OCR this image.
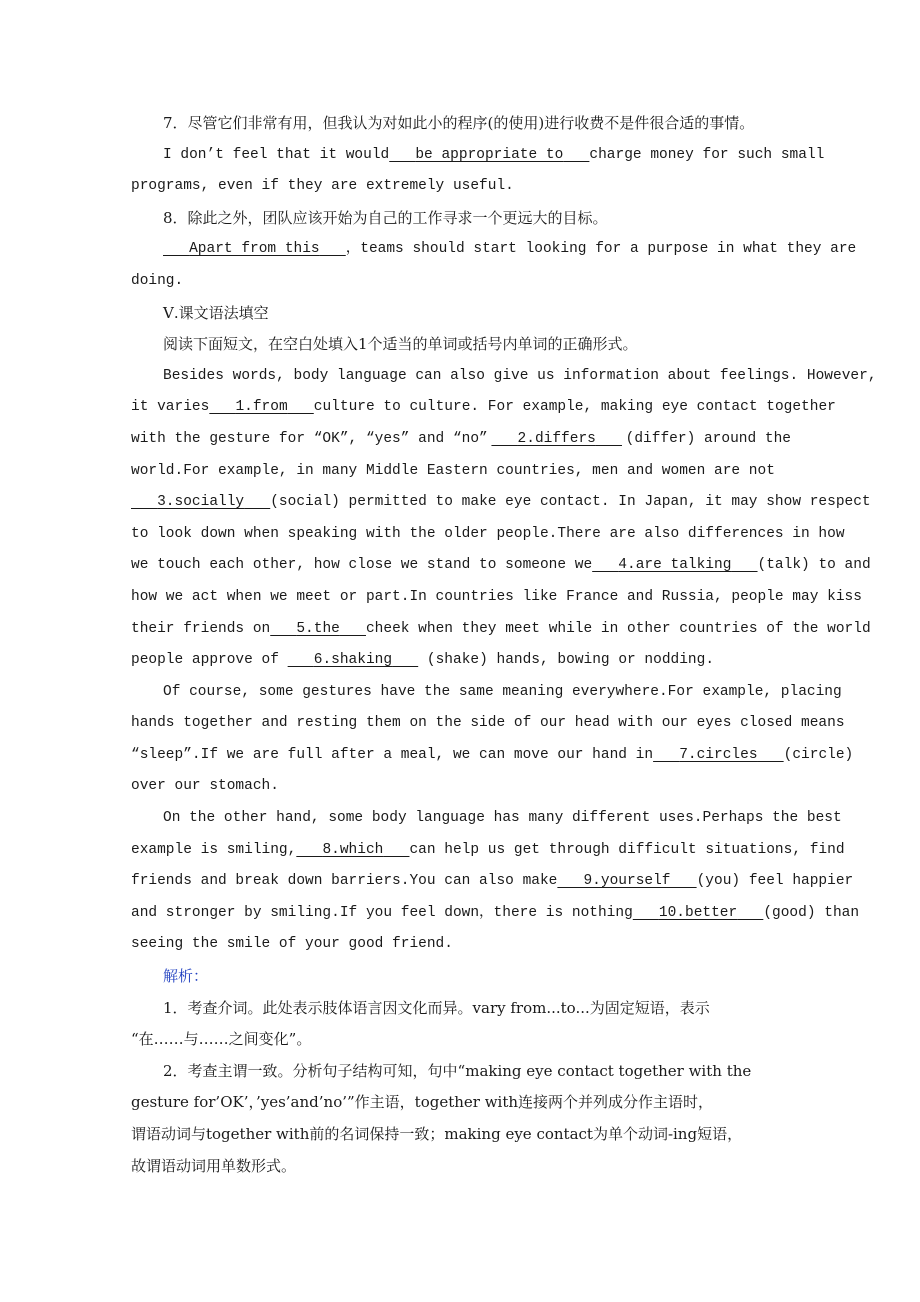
7．尽管它们非常有用，但我认为对如此小的程序(的使用)进行收费不是件很合适的事情。
I don’t feel that it would	be appropriate to	charge money for such small
programs, even if they are extremely useful.
8．除此之外，团队应该开始为自己的工作寻求一个更远大的目标。
Apart from this ，teams should start looking for a purpose in what they are
doing.
Ⅴ.课文语法填空
阅读下面短文，在空白处填入1个适当的单词或括号内单词的正确形式。
Besides words, body language can also give us information about feelings. However,
it varies	1.from	culture to culture. For example, making eye contact together
with the gesture for “OK”, “yes” and “no”	2.differs	(differ) around the
world.For example, in many Middle Eastern countries, men and women are not
3.socially	(social) permitted to make eye contact. In Japan, it may show respect
to look down when speaking with the older people.There are also differences in how
we touch each other, how close we stand to someone we	4.are talking	(talk) to and
how we act when we meet or part.In countries like France and Russia, people may kiss
their friends on	5.the	cheek when they meet while in other countries of the world
people approve of 6.shaking (shake) hands, bowing or nodding.
Of course, some gestures have the same meaning everywhere.For example, placing
hands together and resting them on the side of our head with our eyes closed means
“sleep”.If we are full after a meal, we can move our hand in	7.circles	(circle)
over our stomach.
On the other hand, some body language has many different uses.Perhaps the best
example is smiling,	8.which	can help us get through difficult situations, find
friends and break down barriers.You can also make	9.yourself	(you) feel happier
and stronger by smiling.If you feel down，there is nothing	10.better	(good) than
seeing the smile of your good friend.
解析：
1．考查介词。此处表示肢体语言因文化而异。vary from...to...为固定短语，表示
“在……与……之间变化”。
2．考查主谓一致。分析句子结构可知，句中“making eye contact together with the
gesture for’OK’，’yes’and’no’”作主语，together with连接两个并列成分作主语时，
谓语动词与together with前的名词保持一致；making eye contact为单个动词-ing短语，
故谓语动词用单数形式。
